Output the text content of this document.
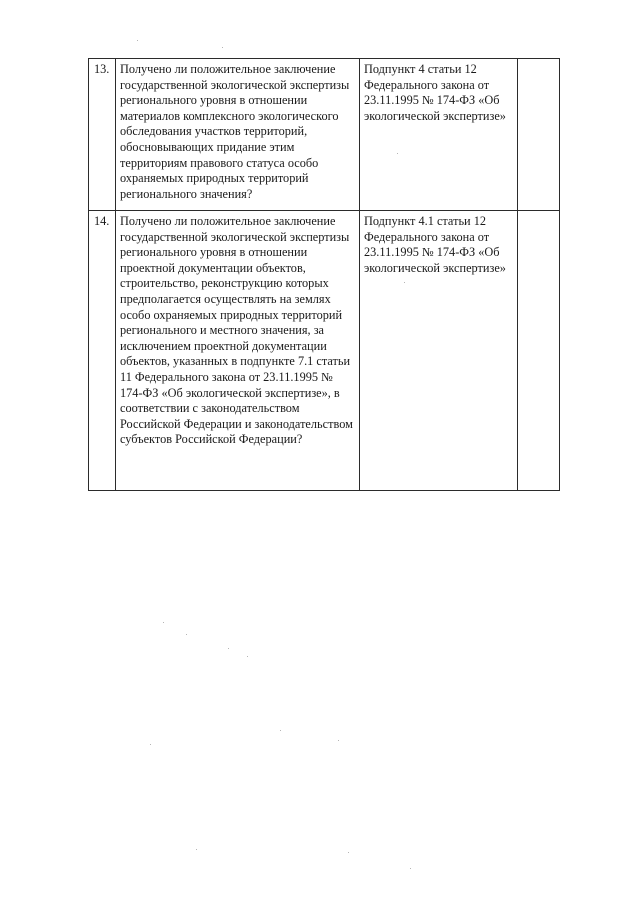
13.	Получено ли положительное заключение государственной экологической экспертизы регионального уровня в отношении материалов комплексного экологического обследования участков территорий, обосновывающих придание этим территориям правового статуса особо охраняемых природных территорий регионального значения?	Подпункт 4 статьи 12 Федерального закона от 23.11.1995 № 174-ФЗ «Об экологической экспертизе»	
14.	Получено ли положительное заключение государственной экологической экспертизы регионального уровня в отношении проектной документации объектов, строительство, реконструкцию которых предполагается осуществлять на землях особо охраняемых природных территорий регионального и местного значения, за исключением проектной документации объектов, указанных в подпункте 7.1 статьи 11 Федерального закона от 23.11.1995 № 174-ФЗ «Об экологической экспертизе», в соответствии с законодательством Российской Федерации и законодательством субъектов Российской Федерации?	Подпункт 4.1 статьи 12 Федерального закона от 23.11.1995 № 174-ФЗ «Об экологической экспертизе»	
